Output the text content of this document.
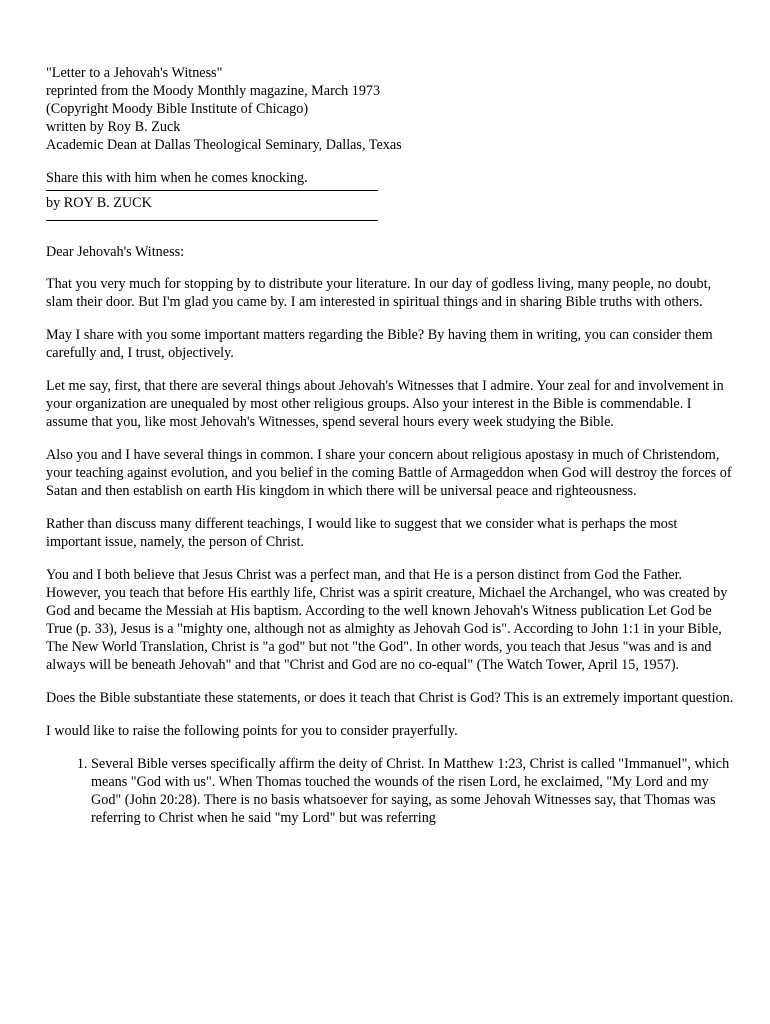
"Letter to a Jehovah's Witness"
reprinted from the Moody Monthly magazine, March 1973
(Copyright Moody Bible Institute of Chicago)
written by Roy B. Zuck
Academic Dean at Dallas Theological Seminary, Dallas, Texas

Share this with him when he comes knocking.

by ROY B. ZUCK

Dear Jehovah's Witness:

That you very much for stopping by to distribute your literature. In our day of godless living, many people, no doubt, slam their door. But I'm glad you came by. I am interested in spiritual things and in sharing Bible truths with others.

May I share with you some important matters regarding the Bible? By having them in writing, you can consider them carefully and, I trust, objectively.

Let me say, first, that there are several things about Jehovah's Witnesses that I admire. Your zeal for and involvement in your organization are unequaled by most other religious groups. Also your interest in the Bible is commendable. I assume that you, like most Jehovah's Witnesses, spend several hours every week studying the Bible.

Also you and I have several things in common. I share your concern about religious apostasy in much of Christendom, your teaching against evolution, and you belief in the coming Battle of Armageddon when God will destroy the forces of Satan and then establish on earth His kingdom in which there will be universal peace and righteousness.

Rather than discuss many different teachings, I would like to suggest that we consider what is perhaps the most important issue, namely, the person of Christ.

You and I both believe that Jesus Christ was a perfect man, and that He is a person distinct from God the Father. However, you teach that before His earthly life, Christ was a spirit creature, Michael the Archangel, who was created by God and became the Messiah at His baptism. According to the well known Jehovah's Witness publication Let God be True (p. 33), Jesus is a "mighty one, although not as almighty as Jehovah God is". According to John 1:1 in your Bible, The New World Translation, Christ is "a god" but not "the God". In other words, you teach that Jesus "was and is and always will be beneath Jehovah" and that "Christ and God are no co-equal" (The Watch Tower, April 15, 1957).

Does the Bible substantiate these statements, or does it teach that Christ is God? This is an extremely important question.

I would like to raise the following points for you to consider prayerfully.

1. Several Bible verses specifically affirm the deity of Christ. In Matthew 1:23, Christ is called "Immanuel", which means "God with us". When Thomas touched the wounds of the risen Lord, he exclaimed, "My Lord and my God" (John 20:28). There is no basis whatsoever for saying, as some Jehovah Witnesses say, that Thomas was referring to Christ when he said "my Lord" but was referring
